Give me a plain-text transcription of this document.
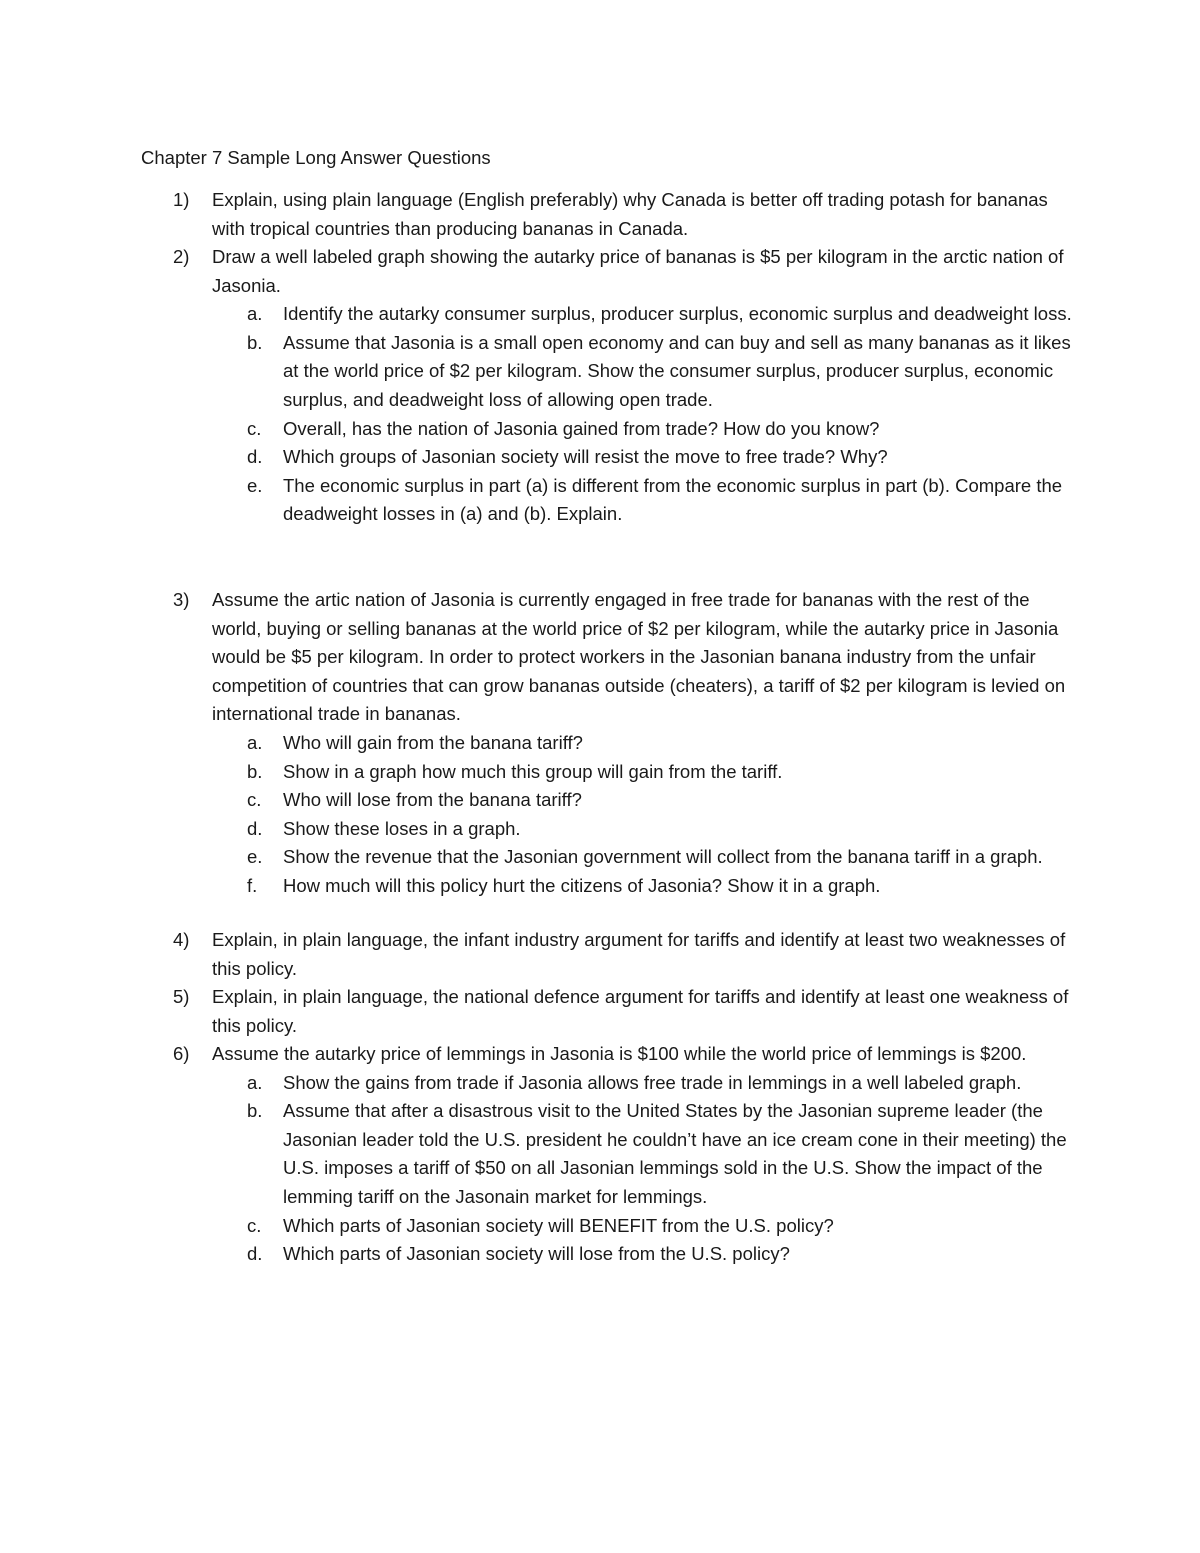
Chapter 7 Sample Long Answer Questions
1) Explain, using plain language (English preferably) why Canada is better off trading potash for bananas with tropical countries than producing bananas in Canada.
2) Draw a well labeled graph showing the autarky price of bananas is $5 per kilogram in the arctic nation of Jasonia.
a. Identify the autarky consumer surplus, producer surplus, economic surplus and deadweight loss.
b. Assume that Jasonia is a small open economy and can buy and sell as many bananas as it likes at the world price of $2 per kilogram. Show the consumer surplus, producer surplus, economic surplus, and deadweight loss of allowing open trade.
c. Overall, has the nation of Jasonia gained from trade? How do you know?
d. Which groups of Jasonian society will resist the move to free trade? Why?
e. The economic surplus in part (a) is different from the economic surplus in part (b). Compare the deadweight losses in (a) and (b). Explain.
3) Assume the artic nation of Jasonia is currently engaged in free trade for bananas with the rest of the world, buying or selling bananas at the world price of $2 per kilogram, while the autarky price in Jasonia would be $5 per kilogram. In order to protect workers in the Jasonian banana industry from the unfair competition of countries that can grow bananas outside (cheaters), a tariff of $2 per kilogram is levied on international trade in bananas.
a. Who will gain from the banana tariff?
b. Show in a graph how much this group will gain from the tariff.
c. Who will lose from the banana tariff?
d. Show these loses in a graph.
e. Show the revenue that the Jasonian government will collect from the banana tariff in a graph.
f. How much will this policy hurt the citizens of Jasonia? Show it in a graph.
4) Explain, in plain language, the infant industry argument for tariffs and identify at least two weaknesses of this policy.
5) Explain, in plain language, the national defence argument for tariffs and identify at least one weakness of this policy.
6) Assume the autarky price of lemmings in Jasonia is $100 while the world price of lemmings is $200.
a. Show the gains from trade if Jasonia allows free trade in lemmings in a well labeled graph.
b. Assume that after a disastrous visit to the United States by the Jasonian supreme leader (the Jasonian leader told the U.S. president he couldn’t have an ice cream cone in their meeting) the U.S. imposes a tariff of $50 on all Jasonian lemmings sold in the U.S. Show the impact of the lemming tariff on the Jasonain market for lemmings.
c. Which parts of Jasonian society will BENEFIT from the U.S. policy?
d. Which parts of Jasonian society will lose from the U.S. policy?
